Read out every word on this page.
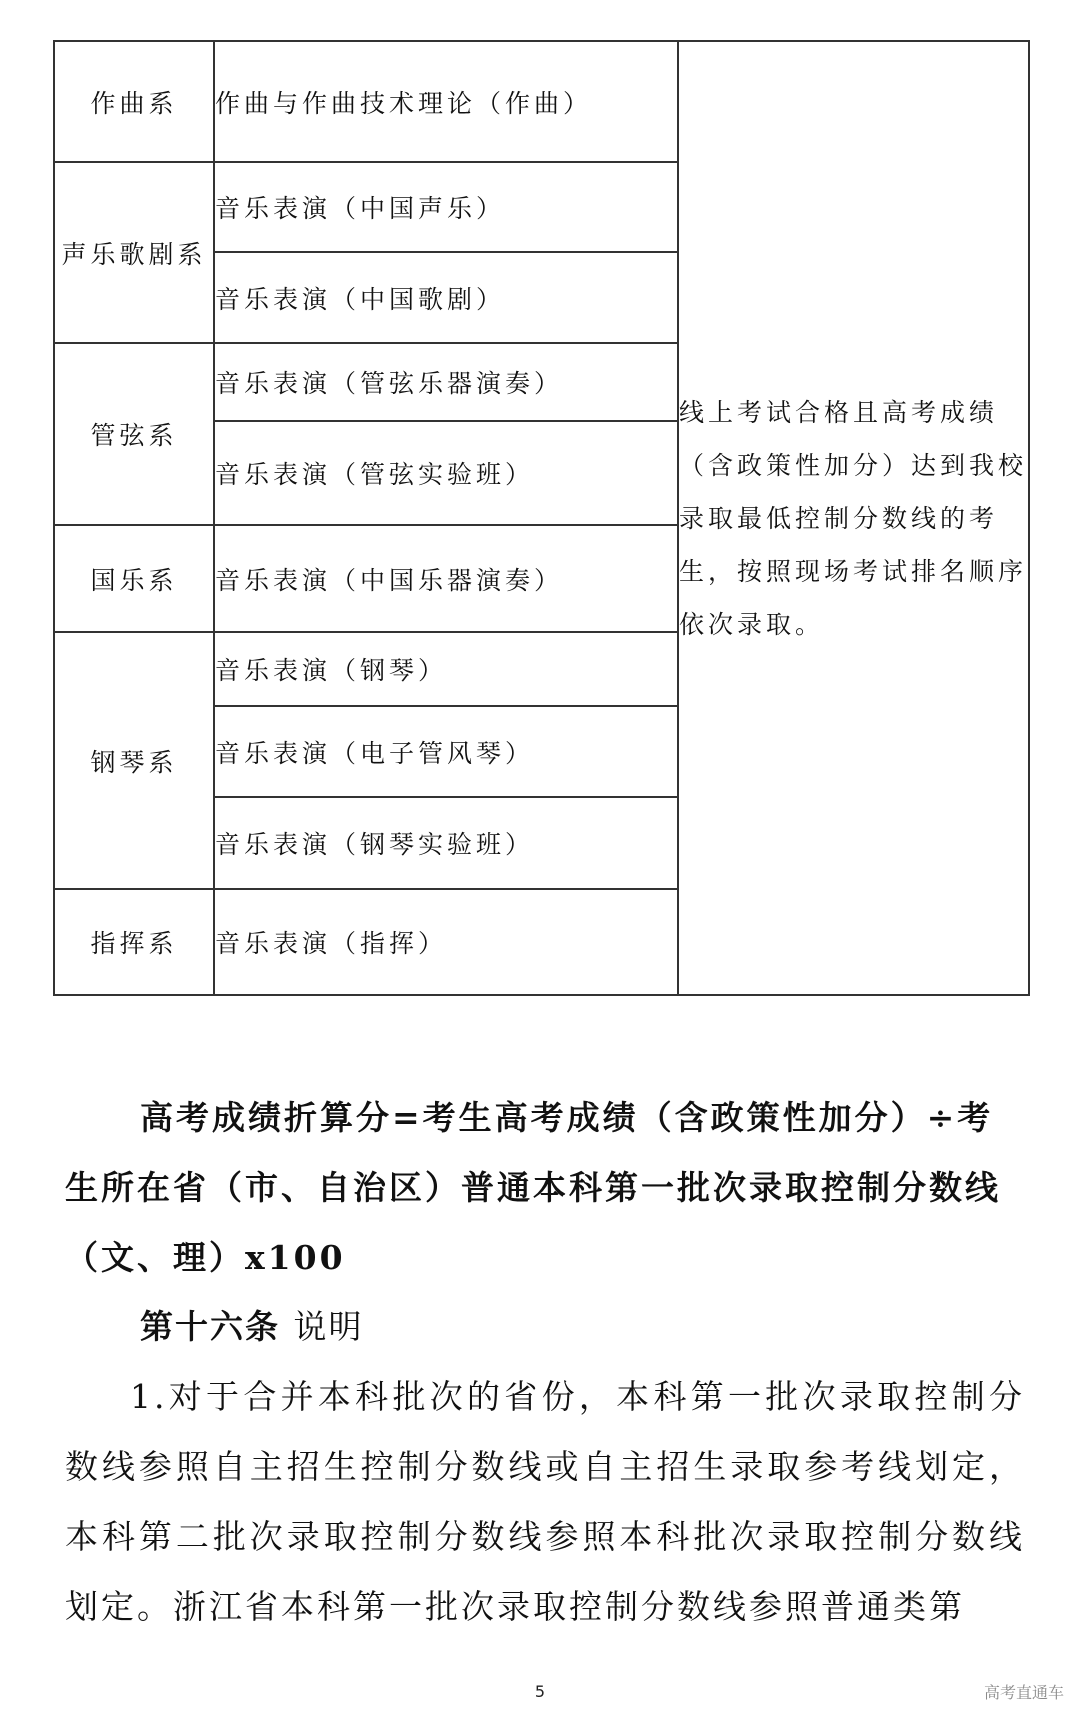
作曲系	作曲与作曲技术理论（作曲）	线上考试合格且高考成绩（含政策性加分）达到我校录取最低控制分数线的考生，按照现场考试排名顺序依次录取。
声乐歌剧系	音乐表演（中国声乐）	
	音乐表演（中国歌剧）	
管弦系	音乐表演（管弦乐器演奏）	
	音乐表演（管弦实验班）	
国乐系	音乐表演（中国乐器演奏）	
钢琴系	音乐表演（钢琴）	
	音乐表演（电子管风琴）	
	音乐表演（钢琴实验班）	
指挥系	音乐表演（指挥）	
高考成绩折算分=考生高考成绩（含政策性加分）÷考生所在省（市、自治区）普通本科第一批次录取控制分数线（文、理）x100
第十六条 说明
1.对于合并本科批次的省份，本科第一批次录取控制分数线参照自主招生控制分数线或自主招生录取参考线划定，本科第二批次录取控制分数线参照本科批次录取控制分数线划定。浙江省本科第一批次录取控制分数线参照普通类第
5	高考直通车
